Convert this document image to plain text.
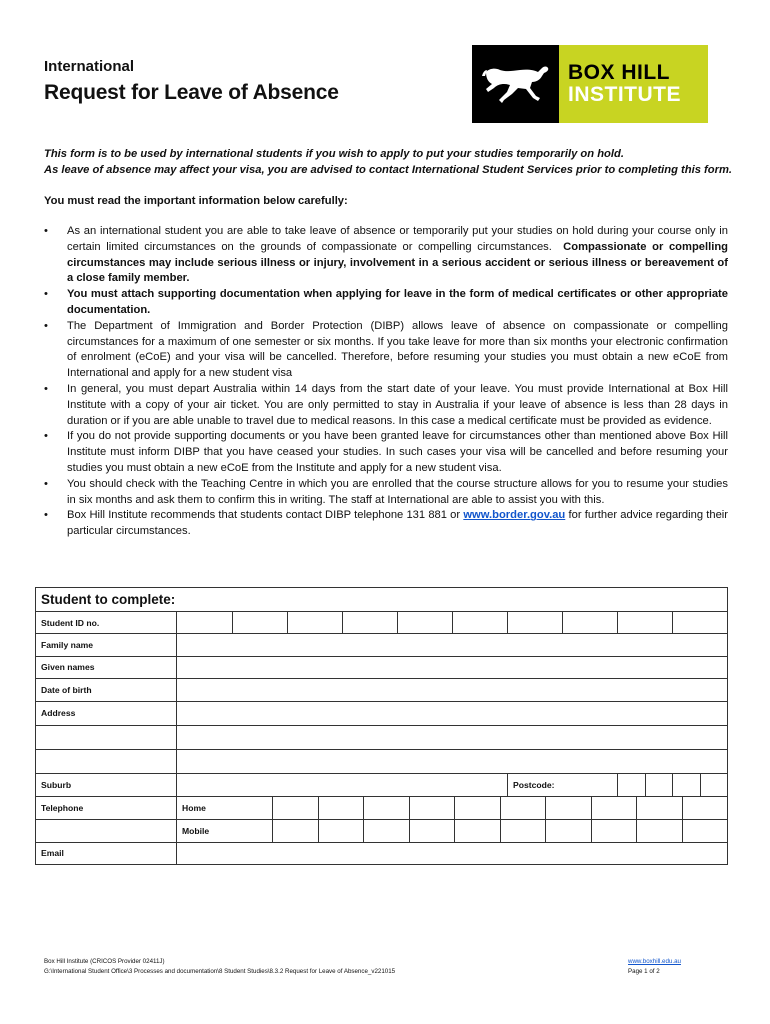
International
Request for Leave of Absence
BOX HILL
INSTITUTE
This form is to be used by international students if you wish to apply to put your studies temporarily on hold.
As leave of absence may affect your visa, you are advised to contact International Student Services prior to completing this form.
You must read the important information below carefully:
• As an international student you are able to take leave of absence or temporarily put your studies on hold during your course only in certain limited circumstances on the grounds of compassionate or compelling circumstances. Compassionate or compelling circumstances may include serious illness or injury, involvement in a serious accident or serious illness or bereavement of a close family member.
• You must attach supporting documentation when applying for leave in the form of medical certificates or other appropriate documentation.
• The Department of Immigration and Border Protection (DIBP) allows leave of absence on compassionate or compelling circumstances for a maximum of one semester or six months. If you take leave for more than six months your electronic confirmation of enrolment (eCoE) and your visa will be cancelled. Therefore, before resuming your studies you must obtain a new eCoE from International and apply for a new student visa
• In general, you must depart Australia within 14 days from the start date of your leave. You must provide International at Box Hill Institute with a copy of your air ticket. You are only permitted to stay in Australia if your leave of absence is less than 28 days in duration or if you are able unable to travel due to medical reasons. In this case a medical certificate must be provided as evidence.
• If you do not provide supporting documents or you have been granted leave for circumstances other than mentioned above Box Hill Institute must inform DIBP that you have ceased your studies. In such cases your visa will be cancelled and before resuming your studies you must obtain a new eCoE from the Institute and apply for a new student visa.
• You should check with the Teaching Centre in which you are enrolled that the course structure allows for you to resume your studies in six months and ask them to confirm this in writing. The staff at International are able to assist you with this.
• Box Hill Institute recommends that students contact DIBP telephone 131 881 or www.border.gov.au for further advice regarding their particular circumstances.
Student to complete:										
Student ID no.										
Family name										
Given names										
Date of birth										
Address										

Suburb							Postcode:			

Telephone	Home									

Mobile									

Email										
Box Hill Institute (CRICOS Provider 02411J)
G:\International Student Office\3 Processes and documentation\8 Student Studies\8.3.2 Request for Leave of Absence_v221015
www.boxhill.edu.au
Page 1 of 2
